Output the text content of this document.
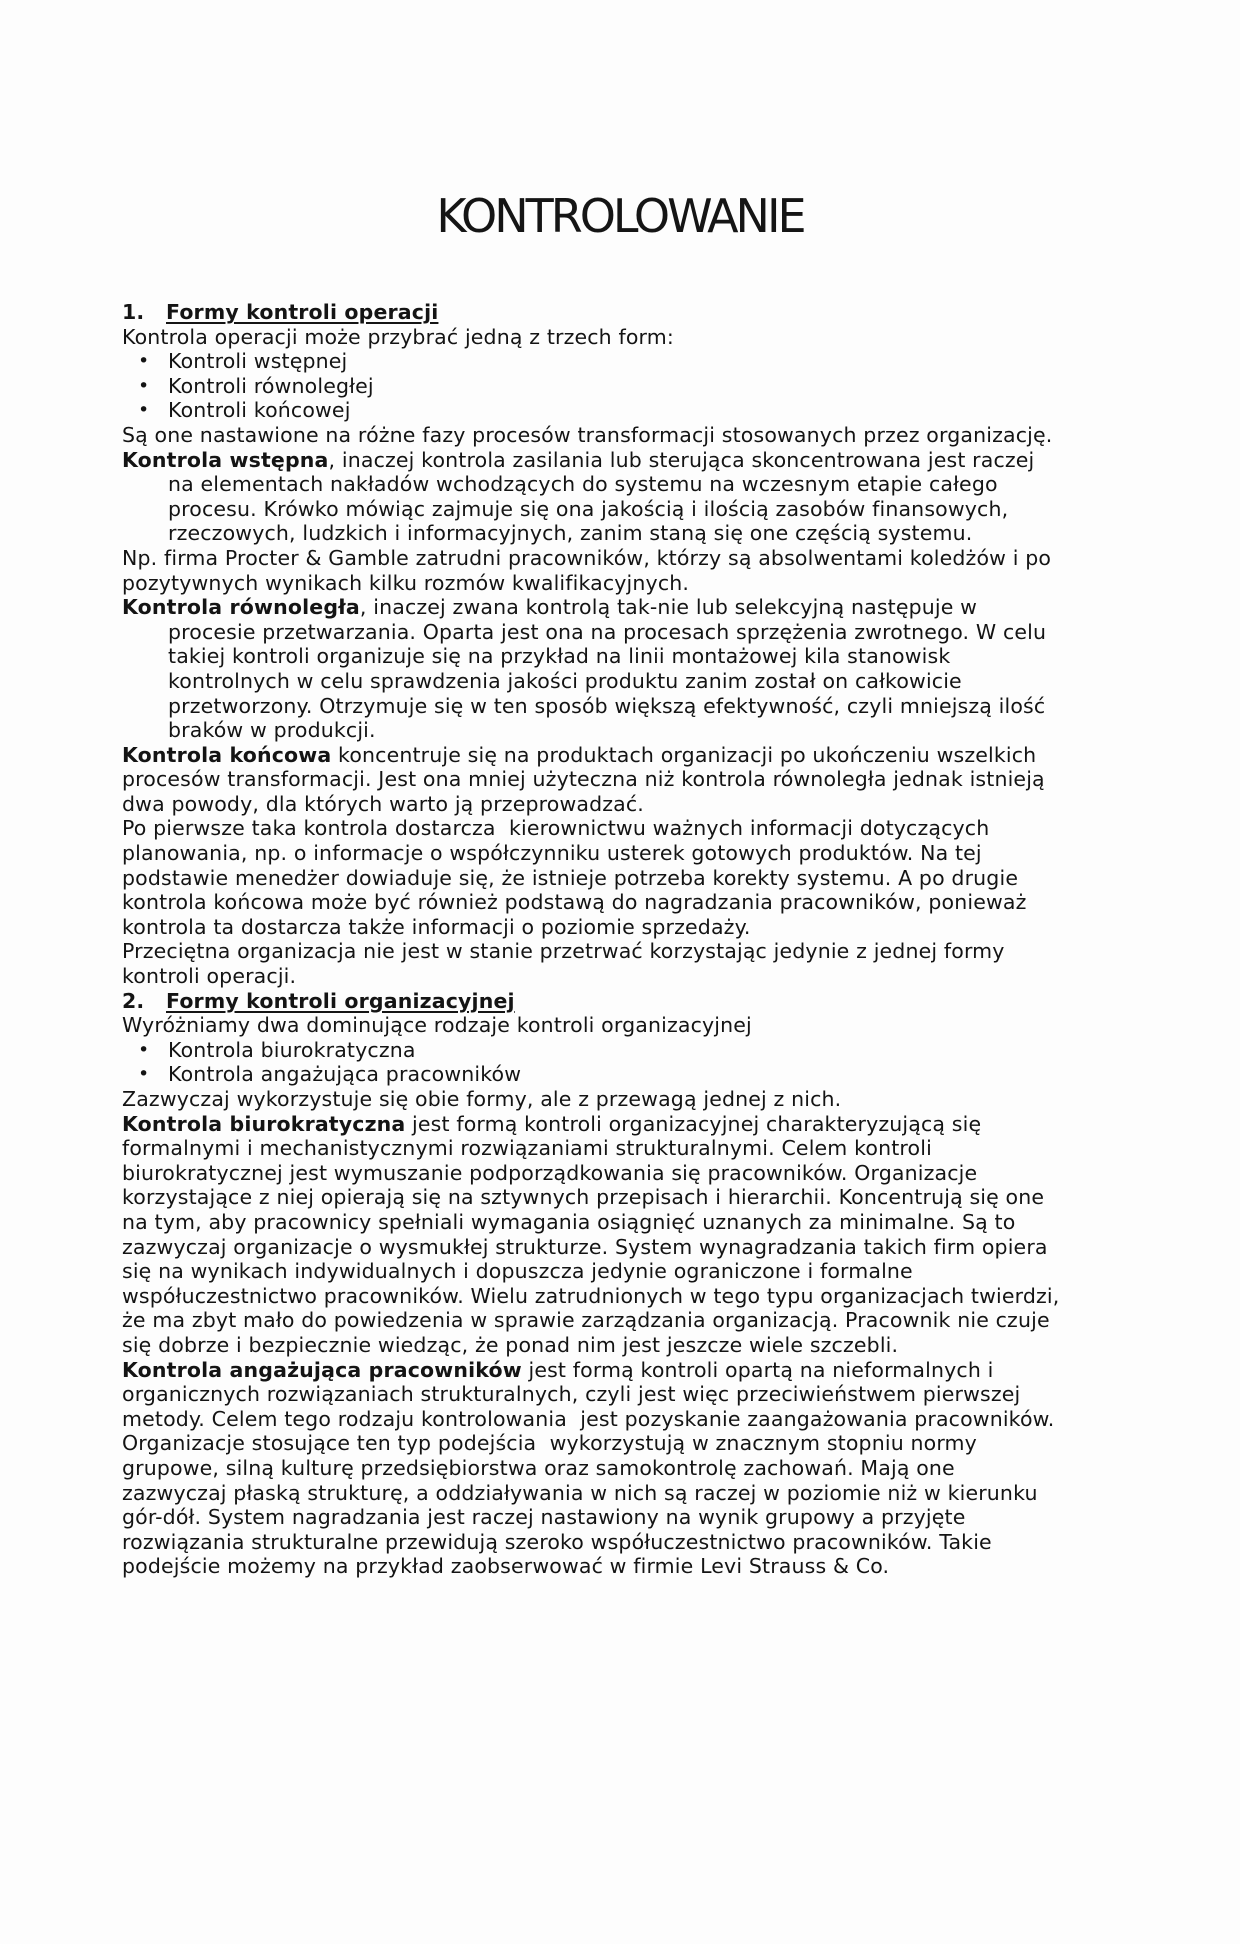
KONTROLOWANIE
1. Formy kontroli operacji
Kontrola operacji może przybrać jedną z trzech form:
• Kontroli wstępnej
• Kontroli równoległej
• Kontroli końcowej
Są one nastawione na różne fazy procesów transformacji stosowanych przez organizację.
Kontrola wstępna, inaczej kontrola zasilania lub sterująca skoncentrowana jest raczej
na elementach nakładów wchodzących do systemu na wczesnym etapie całego
procesu. Krówko mówiąc zajmuje się ona jakością i ilością zasobów finansowych,
rzeczowych, ludzkich i informacyjnych, zanim staną się one częścią systemu.
Np. firma Procter & Gamble zatrudni pracowników, którzy są absolwentami koledżów i po
pozytywnych wynikach kilku rozmów kwalifikacyjnych.
Kontrola równoległa, inaczej zwana kontrolą tak-nie lub selekcyjną następuje w
procesie przetwarzania. Oparta jest ona na procesach sprzężenia zwrotnego. W celu
takiej kontroli organizuje się na przykład na linii montażowej kila stanowisk
kontrolnych w celu sprawdzenia jakości produktu zanim został on całkowicie
przetworzony. Otrzymuje się w ten sposób większą efektywność, czyli mniejszą ilość
braków w produkcji.
Kontrola końcowa koncentruje się na produktach organizacji po ukończeniu wszelkich
procesów transformacji. Jest ona mniej użyteczna niż kontrola równoległa jednak istnieją
dwa powody, dla których warto ją przeprowadzać.
Po pierwsze taka kontrola dostarcza  kierownictwu ważnych informacji dotyczących
planowania, np. o informacje o współczynniku usterek gotowych produktów. Na tej
podstawie menedżer dowiaduje się, że istnieje potrzeba korekty systemu. A po drugie
kontrola końcowa może być również podstawą do nagradzania pracowników, ponieważ
kontrola ta dostarcza także informacji o poziomie sprzedaży.
Przeciętna organizacja nie jest w stanie przetrwać korzystając jedynie z jednej formy
kontroli operacji.
2. Formy kontroli organizacyjnej
Wyróżniamy dwa dominujące rodzaje kontroli organizacyjnej
• Kontrola biurokratyczna
• Kontrola angażująca pracowników
Zazwyczaj wykorzystuje się obie formy, ale z przewagą jednej z nich.
Kontrola biurokratyczna jest formą kontroli organizacyjnej charakteryzującą się
formalnymi i mechanistycznymi rozwiązaniami strukturalnymi. Celem kontroli
biurokratycznej jest wymuszanie podporządkowania się pracowników. Organizacje
korzystające z niej opierają się na sztywnych przepisach i hierarchii. Koncentrują się one
na tym, aby pracownicy spełniali wymagania osiągnięć uznanych za minimalne. Są to
zazwyczaj organizacje o wysmukłej strukturze. System wynagradzania takich firm opiera
się na wynikach indywidualnych i dopuszcza jedynie ograniczone i formalne
współuczestnictwo pracowników. Wielu zatrudnionych w tego typu organizacjach twierdzi,
że ma zbyt mało do powiedzenia w sprawie zarządzania organizacją. Pracownik nie czuje
się dobrze i bezpiecznie wiedząc, że ponad nim jest jeszcze wiele szczebli.
Kontrola angażująca pracowników jest formą kontroli opartą na nieformalnych i
organicznych rozwiązaniach strukturalnych, czyli jest więc przeciwieństwem pierwszej
metody. Celem tego rodzaju kontrolowania  jest pozyskanie zaangażowania pracowników.
Organizacje stosujące ten typ podejścia  wykorzystują w znacznym stopniu normy
grupowe, silną kulturę przedsiębiorstwa oraz samokontrolę zachowań. Mają one
zazwyczaj płaską strukturę, a oddziaływania w nich są raczej w poziomie niż w kierunku
gór-dół. System nagradzania jest raczej nastawiony na wynik grupowy a przyjęte
rozwiązania strukturalne przewidują szeroko współuczestnictwo pracowników. Takie
podejście możemy na przykład zaobserwować w firmie Levi Strauss & Co.
